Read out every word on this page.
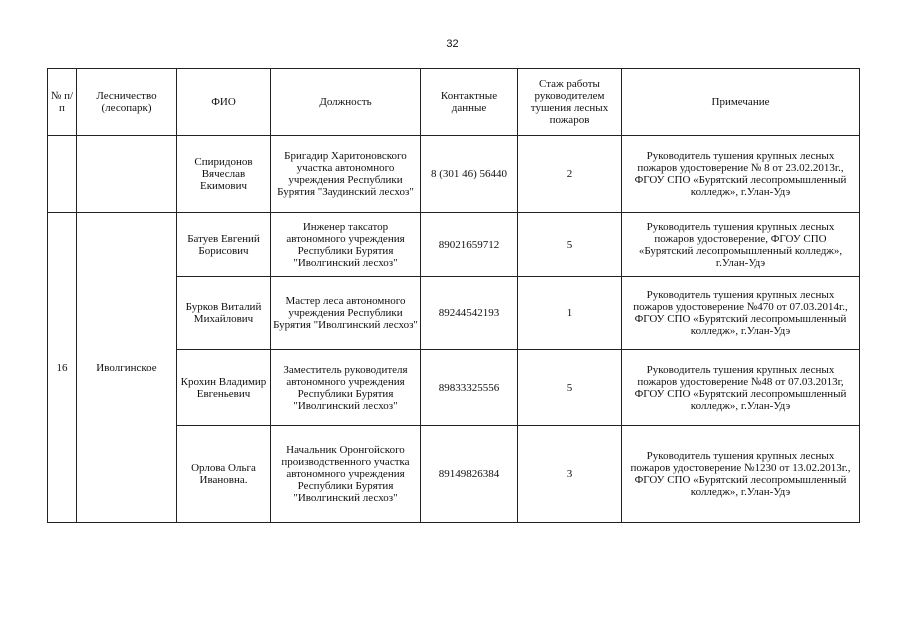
32
№ п/п	Лесничество (лесопарк)	ФИО	Должность	Контактные данные	Стаж работы руководителем тушения лесных пожаров	Примечание
		Спиридонов Вячеслав Екимович	Бригадир Харитоновского участка автономного учреждения Республики Бурятия "Заудинский лесхоз"	8 (301 46) 56440	2	Руководитель тушения крупных лесных пожаров удостоверение № 8 от 23.02.2013г., ФГОУ СПО «Бурятский лесопромышленный колледж», г.Улан-Удэ
16	Иволгинское	Батуев Евгений Борисович	Инженер таксатор автономного учреждения Республики Бурятия "Иволгинский лесхоз"	89021659712	5	Руководитель тушения крупных лесных пожаров удостоверение, ФГОУ СПО «Бурятский лесопромышленный колледж», г.Улан-Удэ
		Бурков Виталий Михайлович	Мастер леса автономного учреждения Республики Бурятия "Иволгинский лесхоз"	89244542193	1	Руководитель тушения крупных лесных пожаров удостоверение №470 от 07.03.2014г., ФГОУ СПО «Бурятский лесопромышленный колледж», г.Улан-Удэ
		Крохин Владимир Евгеньевич	Заместитель руководителя автономного учреждения Республики Бурятия "Иволгинский лесхоз"	89833325556	5	Руководитель тушения крупных лесных пожаров удостоверение №48 от 07.03.2013г, ФГОУ СПО «Бурятский лесопромышленный колледж», г.Улан-Удэ
		Орлова Ольга Ивановна.	Начальник Оронгойского производственного участка автономного учреждения Республики Бурятия "Иволгинский лесхоз"	89149826384	3	Руководитель тушения крупных лесных пожаров удостоверение №1230 от 13.02.2013г., ФГОУ СПО «Бурятский лесопромышленный колледж», г.Улан-Удэ
